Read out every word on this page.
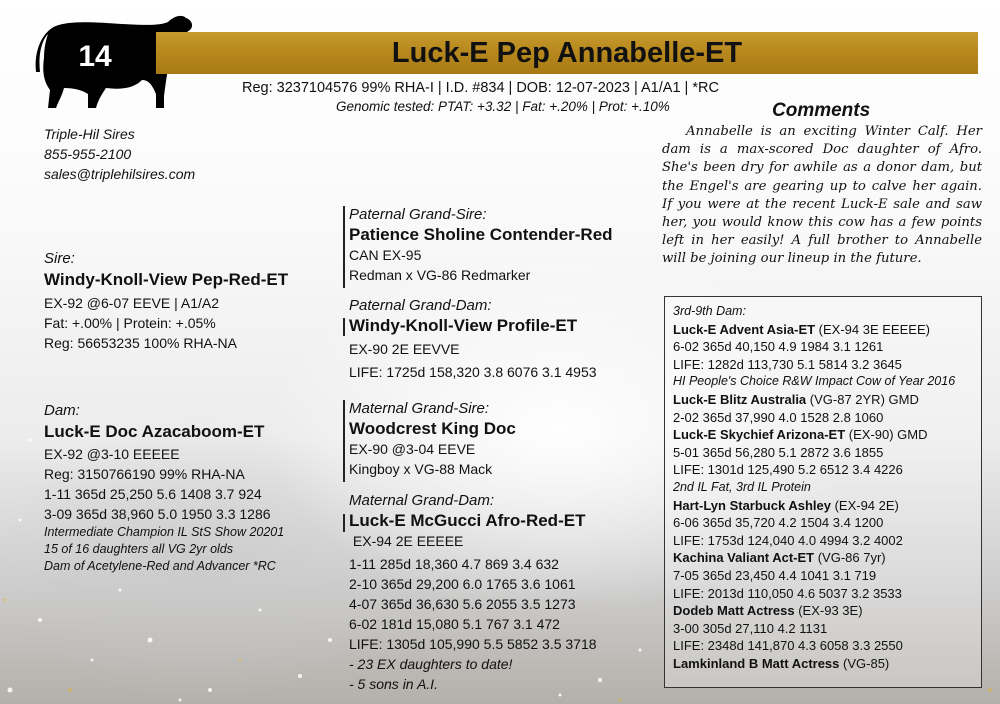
14	Luck-E Pep Annabelle-ET
Reg: 3237104576 99% RHA-I | I.D. #834 | DOB: 12-07-2023 | A1/A1 | *RC
Genomic tested: PTAT: +3.32 | Fat: +.20% | Prot: +.10%
Triple-Hil Sires
855-955-2100
sales@triplehilsires.com
Sire:
Windy-Knoll-View Pep-Red-ET
EX-92 @6-07 EEVE | A1/A2
Fat: +.00% | Protein: +.05%
Reg: 56653235 100% RHA-NA
Dam:
Luck-E Doc Azacaboom-ET
EX-92 @3-10 EEEEE
Reg: 3150766190 99% RHA-NA
1-11 365d 25,250 5.6 1408 3.7 924
3-09 365d 38,960 5.0 1950 3.3 1286
Intermediate Champion IL StS Show 20201
15 of 16 daughters all VG 2yr olds
Dam of Acetylene-Red and Advancer *RC
Paternal Grand-Sire:
Patience Sholine Contender-Red
CAN EX-95
Redman x VG-86 Redmarker
Paternal Grand-Dam:
Windy-Knoll-View Profile-ET
EX-90 2E EEVVE
LIFE: 1725d 158,320 3.8 6076 3.1 4953
Maternal Grand-Sire:
Woodcrest King Doc
EX-90 @3-04 EEVE
Kingboy x VG-88 Mack
Maternal Grand-Dam:
Luck-E McGucci Afro-Red-ET
EX-94 2E EEEEE
1-11 285d 18,360 4.7 869 3.4 632
2-10 365d 29,200 6.0 1765 3.6 1061
4-07 365d 36,630 5.6 2055 3.5 1273
6-02 181d 15,080 5.1 767 3.1 472
LIFE: 1305d 105,990 5.5 5852 3.5 3718
- 23 EX daughters to date!
- 5 sons in A.I.
Comments
Annabelle is an exciting Winter Calf. Her dam is a max-scored Doc daughter of Afro. She's been dry for awhile as a donor dam, but the Engel's are gearing up to calve her again. If you were at the recent Luck-E sale and saw her, you would know this cow has a few points left in her easily! A full brother to Annabelle will be joining our lineup in the future.
3rd-9th Dam:
Luck-E Advent Asia-ET (EX-94 3E EEEEE)
6-02 365d 40,150 4.9 1984 3.1 1261
LIFE: 1282d 113,730 5.1 5814 3.2 3645
HI People's Choice R&W Impact Cow of Year 2016
Luck-E Blitz Australia (VG-87 2YR) GMD
2-02 365d 37,990 4.0 1528 2.8 1060
Luck-E Skychief Arizona-ET (EX-90) GMD
5-01 365d 56,280 5.1 2872 3.6 1855
LIFE: 1301d 125,490 5.2 6512 3.4 4226
2nd IL Fat, 3rd IL Protein
Hart-Lyn Starbuck Ashley (EX-94 2E)
6-06 365d 35,720 4.2 1504 3.4 1200
LIFE: 1753d 124,040 4.0 4994 3.2 4002
Kachina Valiant Act-ET (VG-86 7yr)
7-05 365d 23,450 4.4 1041 3.1 719
LIFE: 2013d 110,050 4.6 5037 3.2 3533
Dodeb Matt Actress (EX-93 3E)
3-00 305d 27,110 4.2 1131
LIFE: 2348d 141,870 4.3 6058 3.3 2550
Lamkinland B Matt Actress (VG-85)
